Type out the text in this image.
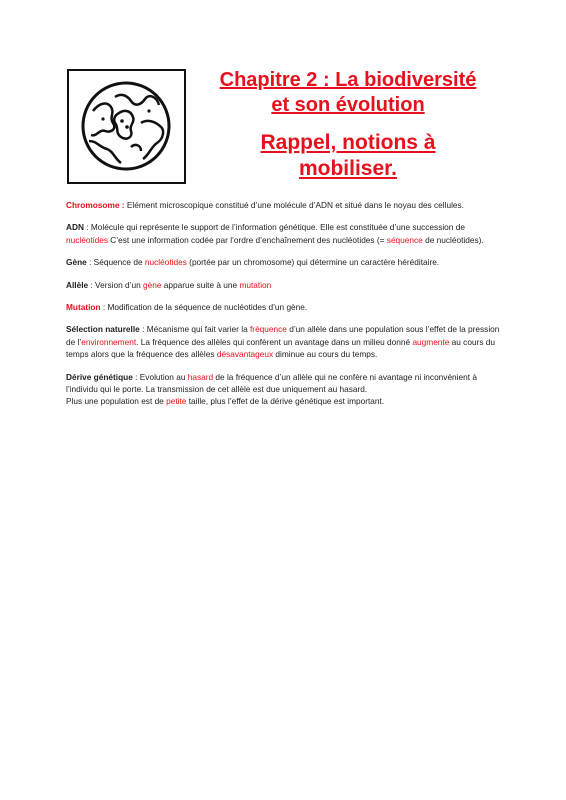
Chapitre 2 : La biodiversité
et son évolution
Rappel, notions à
mobiliser.

Chromosome : Elément microscopique constitué d’une molécule d’ADN et situé dans le noyau des cellules.

ADN : Molécule qui représente le support de l’information génétique. Elle est constituée d’une succession de nucléotides C’est une information codée par l’ordre d’enchaînement des nucléotides (= séquence de nucléotides).

Gène : Séquence de nucléotides (portée par un chromosome) qui détermine un caractère héréditaire.

Allèle : Version d’un gène apparue suite à une mutation

Mutation : Modification de la séquence de nucléotides d’un gène.

Sélection naturelle : Mécanisme qui fait varier la fréquence d’un allèle dans une population sous l’effet de la pression de l’environnement. La fréquence des allèles qui confèrent un avantage dans un milieu donné augmente au cours du temps alors que la fréquence des allèles désavantageux diminue au cours du temps.

Dérive génétique : Evolution au hasard de la fréquence d’un allèle qui ne confère ni avantage ni inconvénient à l’individu qui le porte. La transmission de cet allèle est due uniquement au hasard.
Plus une population est de petite taille, plus l’effet de la dérive génétique est important.
